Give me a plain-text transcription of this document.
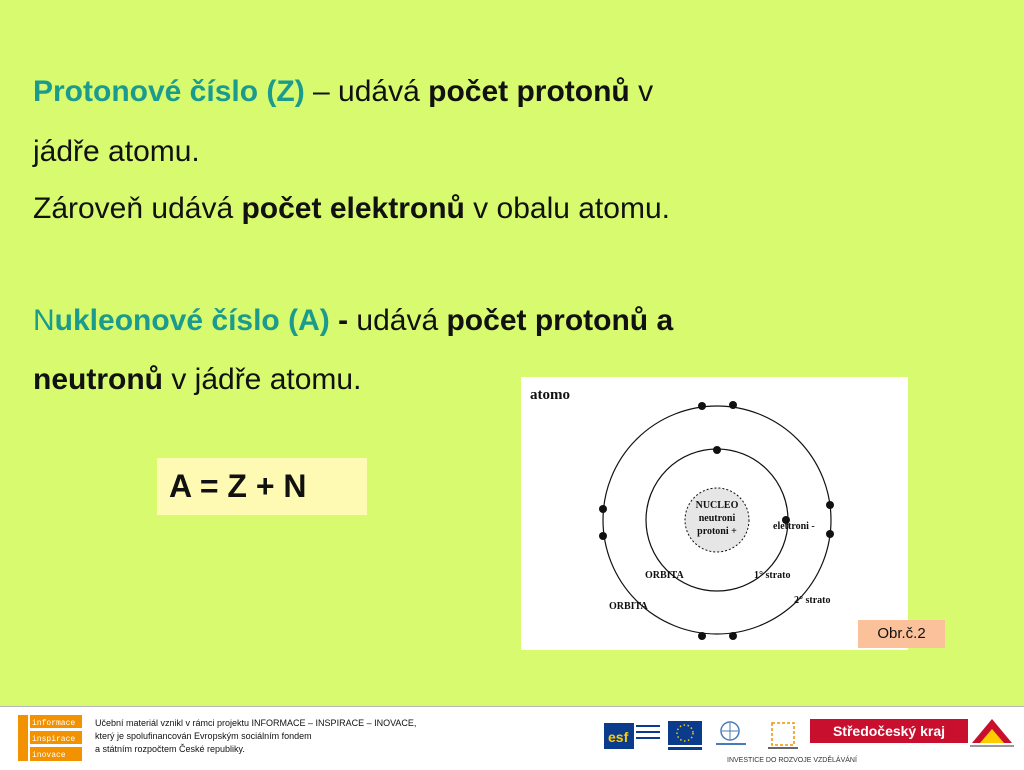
Protonové číslo (Z) – udává počet protonů v
jádře atomu.
Zároveň udává počet elektronů v obalu atomu.
Nukleonové číslo (A) - udává počet protonů a
neutronů v jádře atomu.
A = Z + N
atomo
NUCLEO
neutroni
protoni +	elettroni -
ORBITA	1° strato
ORBITA
2° strato
Obr.č.2
informace
inspirace
inovace
Učební materiál vznikl v rámci projektu INFORMACE – INSPIRACE – INOVACE,
který je spolufinancován Evropským sociálním fondem
a státním rozpočtem České republiky.
esf	Středočeský kraj
INVESTICE DO ROZVOJE VZDĚLÁVÁNÍ
